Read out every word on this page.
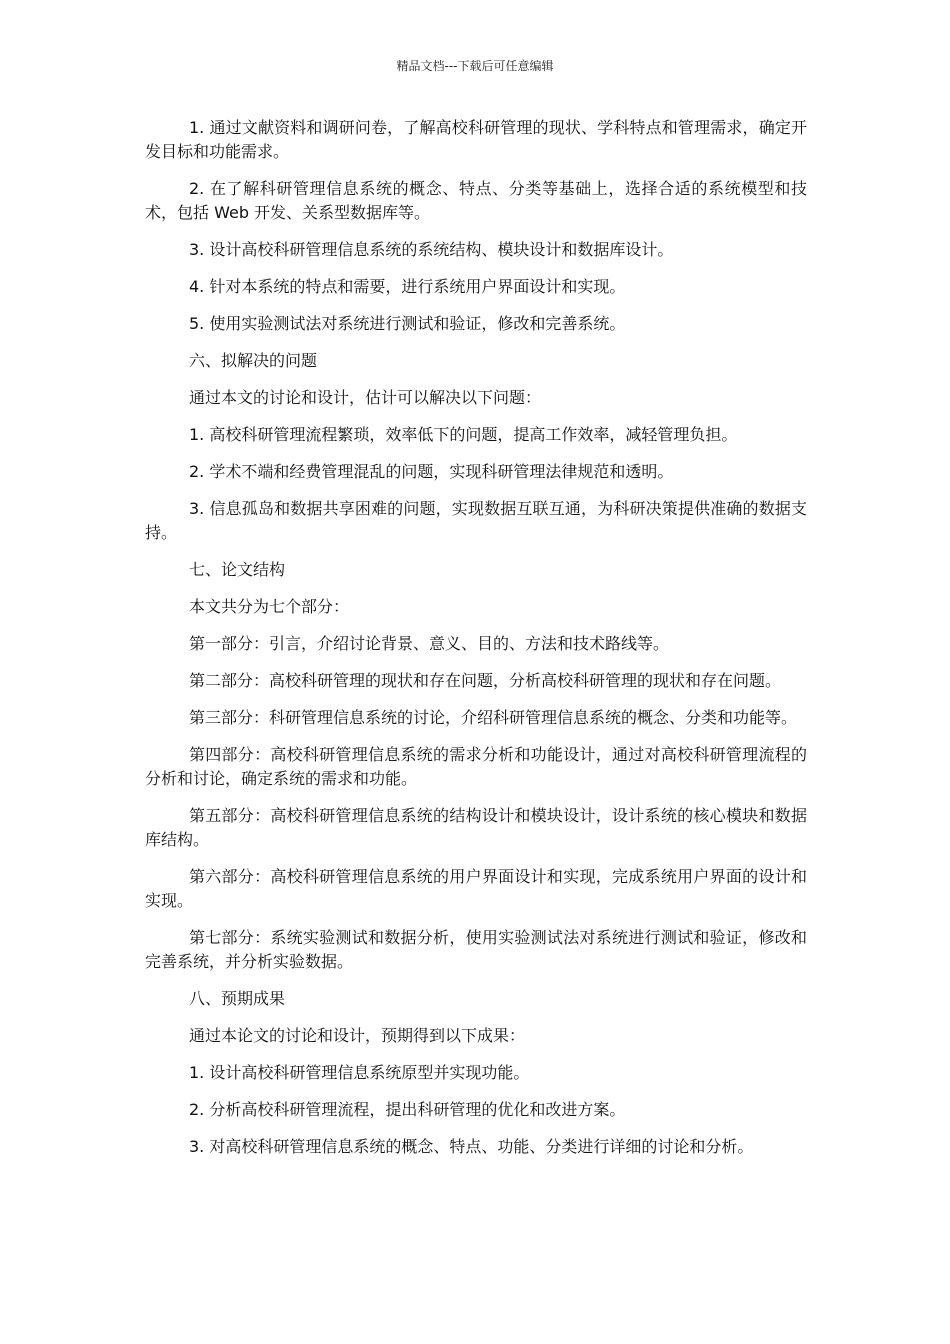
精品文档---下载后可任意编辑

1. 通过文献资料和调研问卷，了解高校科研管理的现状、学科特点和管理需求，确定开发目标和功能需求。

2. 在了解科研管理信息系统的概念、特点、分类等基础上，选择合适的系统模型和技术，包括 Web 开发、关系型数据库等。

3. 设计高校科研管理信息系统的系统结构、模块设计和数据库设计。

4. 针对本系统的特点和需要，进行系统用户界面设计和实现。

5. 使用实验测试法对系统进行测试和验证，修改和完善系统。

六、拟解决的问题

通过本文的讨论和设计，估计可以解决以下问题：

1. 高校科研管理流程繁琐，效率低下的问题，提高工作效率，减轻管理负担。

2. 学术不端和经费管理混乱的问题，实现科研管理法律规范和透明。

3. 信息孤岛和数据共享困难的问题，实现数据互联互通，为科研决策提供准确的数据支持。

七、论文结构

本文共分为七个部分：

第一部分：引言，介绍讨论背景、意义、目的、方法和技术路线等。

第二部分：高校科研管理的现状和存在问题，分析高校科研管理的现状和存在问题。

第三部分：科研管理信息系统的讨论，介绍科研管理信息系统的概念、分类和功能等。

第四部分：高校科研管理信息系统的需求分析和功能设计，通过对高校科研管理流程的分析和讨论，确定系统的需求和功能。

第五部分：高校科研管理信息系统的结构设计和模块设计，设计系统的核心模块和数据库结构。

第六部分：高校科研管理信息系统的用户界面设计和实现，完成系统用户界面的设计和实现。

第七部分：系统实验测试和数据分析，使用实验测试法对系统进行测试和验证，修改和完善系统，并分析实验数据。

八、预期成果

通过本论文的讨论和设计，预期得到以下成果：

1. 设计高校科研管理信息系统原型并实现功能。

2. 分析高校科研管理流程，提出科研管理的优化和改进方案。

3. 对高校科研管理信息系统的概念、特点、功能、分类进行详细的讨论和分析。
